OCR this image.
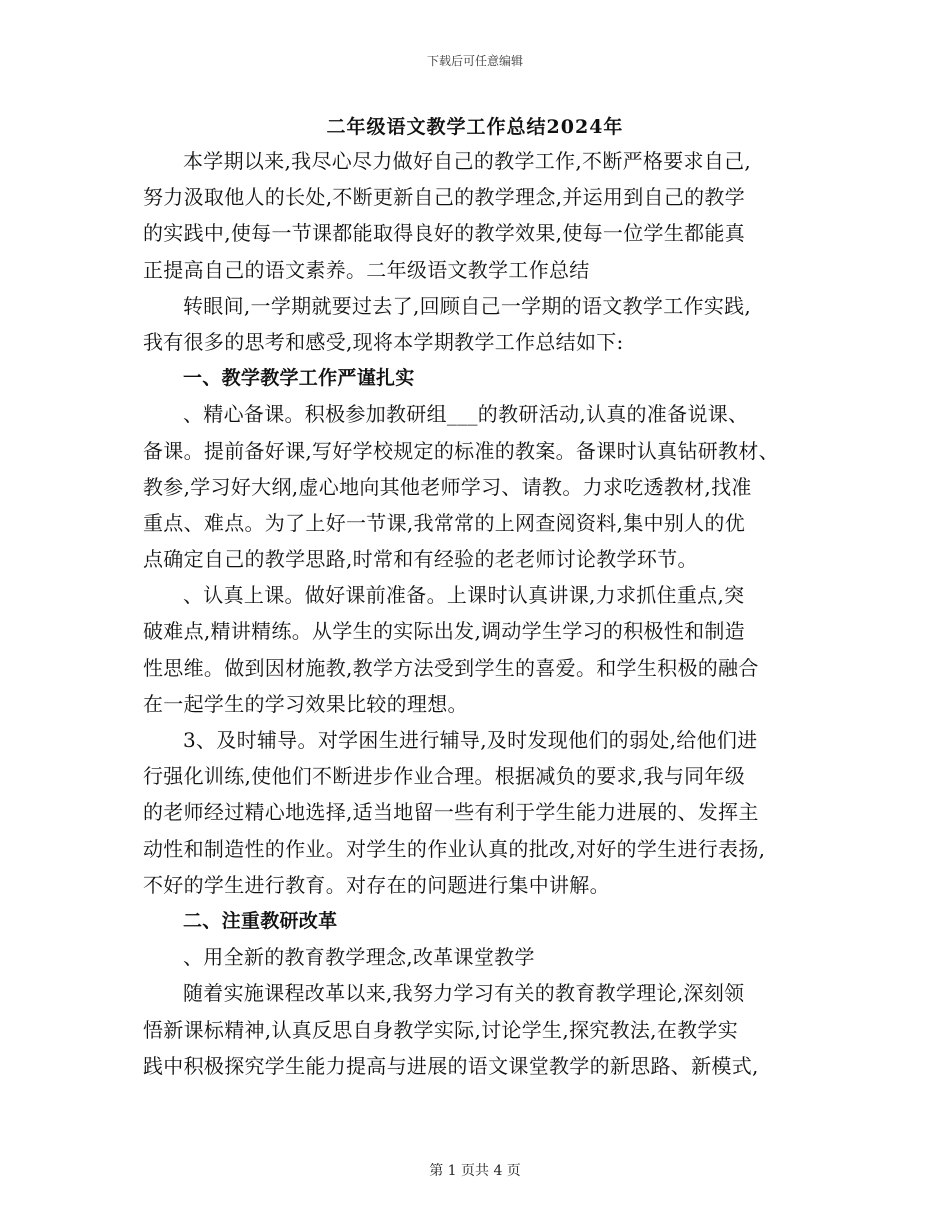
下载后可任意编辑
二年级语文教学工作总结2024年
本学期以来,我尽心尽力做好自己的教学工作,不断严格要求自己,
努力汲取他人的长处,不断更新自己的教学理念,并运用到自己的教学
的实践中,使每一节课都能取得良好的教学效果,使每一位学生都能真
正提高自己的语文素养。二年级语文教学工作总结
转眼间,一学期就要过去了,回顾自己一学期的语文教学工作实践,
我有很多的思考和感受,现将本学期教学工作总结如下:
一、教学教学工作严谨扎实
、精心备课。积极参加教研组___的教研活动,认真的准备说课、
备课。提前备好课,写好学校规定的标准的教案。备课时认真钻研教材、
教参,学习好大纲,虚心地向其他老师学习、请教。力求吃透教材,找准
重点、难点。为了上好一节课,我常常的上网查阅资料,集中别人的优
点确定自己的教学思路,时常和有经验的老老师讨论教学环节。
、认真上课。做好课前准备。上课时认真讲课,力求抓住重点,突
破难点,精讲精练。从学生的实际出发,调动学生学习的积极性和制造
性思维。做到因材施教,教学方法受到学生的喜爱。和学生积极的融合
在一起学生的学习效果比较的理想。
3、及时辅导。对学困生进行辅导,及时发现他们的弱处,给他们进
行强化训练,使他们不断进步作业合理。根据减负的要求,我与同年级
的老师经过精心地选择,适当地留一些有利于学生能力进展的、发挥主
动性和制造性的作业。对学生的作业认真的批改,对好的学生进行表扬,
不好的学生进行教育。对存在的问题进行集中讲解。
二、注重教研改革
、用全新的教育教学理念,改革课堂教学
随着实施课程改革以来,我努力学习有关的教育教学理论,深刻领
悟新课标精神,认真反思自身教学实际,讨论学生,探究教法,在教学实
践中积极探究学生能力提高与进展的语文课堂教学的新思路、新模式,
第 1 页共 4 页
